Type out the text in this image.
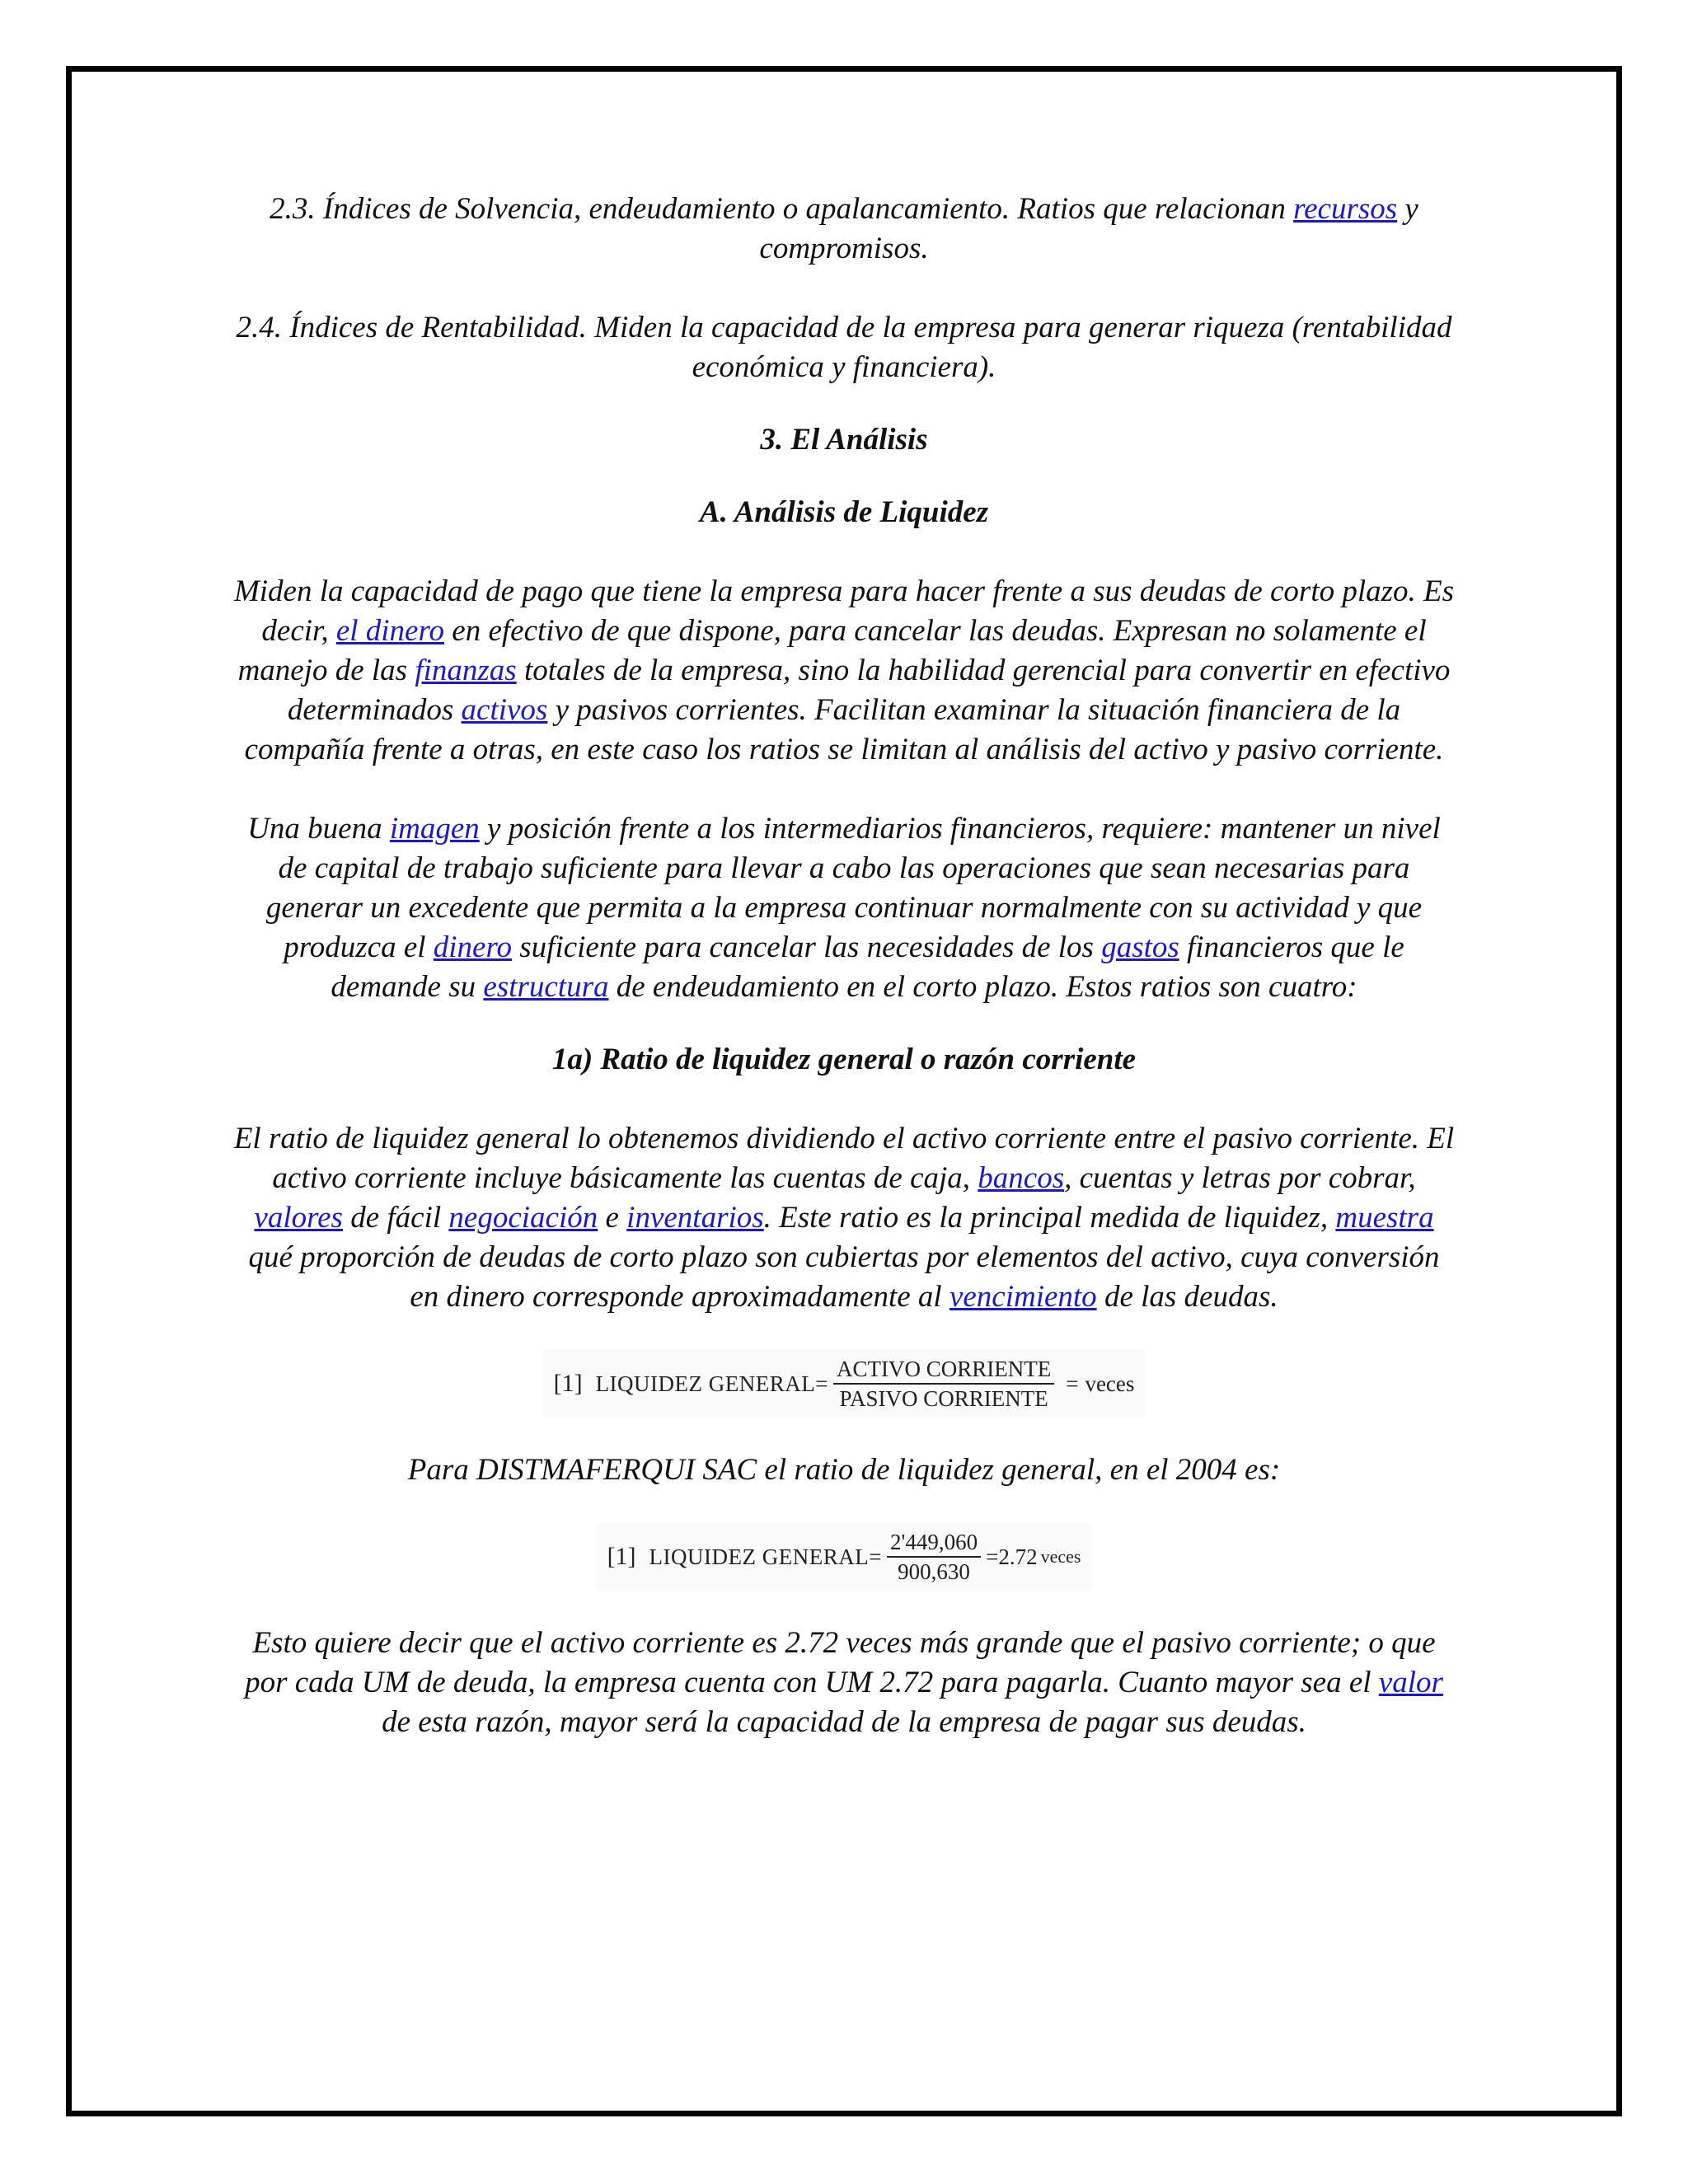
2.3. Índices de Solvencia, endeudamiento o apalancamiento. Ratios que relacionan recursos y compromisos.

2.4. Índices de Rentabilidad. Miden la capacidad de la empresa para generar riqueza (rentabilidad económica y financiera).

3. El Análisis

A. Análisis de Liquidez

Miden la capacidad de pago que tiene la empresa para hacer frente a sus deudas de corto plazo. Es decir, el dinero en efectivo de que dispone, para cancelar las deudas. Expresan no solamente el manejo de las finanzas totales de la empresa, sino la habilidad gerencial para convertir en efectivo determinados activos y pasivos corrientes. Facilitan examinar la situación financiera de la compañía frente a otras, en este caso los ratios se limitan al análisis del activo y pasivo corriente.

Una buena imagen y posición frente a los intermediarios financieros, requiere: mantener un nivel de capital de trabajo suficiente para llevar a cabo las operaciones que sean necesarias para generar un excedente que permita a la empresa continuar normalmente con su actividad y que produzca el dinero suficiente para cancelar las necesidades de los gastos financieros que le demande su estructura de endeudamiento en el corto plazo. Estos ratios son cuatro:

1a) Ratio de liquidez general o razón corriente

El ratio de liquidez general lo obtenemos dividiendo el activo corriente entre el pasivo corriente. El activo corriente incluye básicamente las cuentas de caja, bancos, cuentas y letras por cobrar, valores de fácil negociación e inventarios. Este ratio es la principal medida de liquidez, muestra qué proporción de deudas de corto plazo son cubiertas por elementos del activo, cuya conversión en dinero corresponde aproximadamente al vencimiento de las deudas.

[1] LIQUIDEZ GENERAL= $\frac{\text{ACTIVO CORRIENTE}}{\text{PASIVO CORRIENTE}}$ = veces

Para DISTMAFERQUI SAC el ratio de liquidez general, en el 2004 es:

[1] LIQUIDEZ GENERAL= $\frac{2'449,060}{900,630} =2.72$ veces

Esto quiere decir que el activo corriente es 2.72 veces más grande que el pasivo corriente; o que por cada UM de deuda, la empresa cuenta con UM 2.72 para pagarla. Cuanto mayor sea el valor de esta razón, mayor será la capacidad de la empresa de pagar sus deudas.
